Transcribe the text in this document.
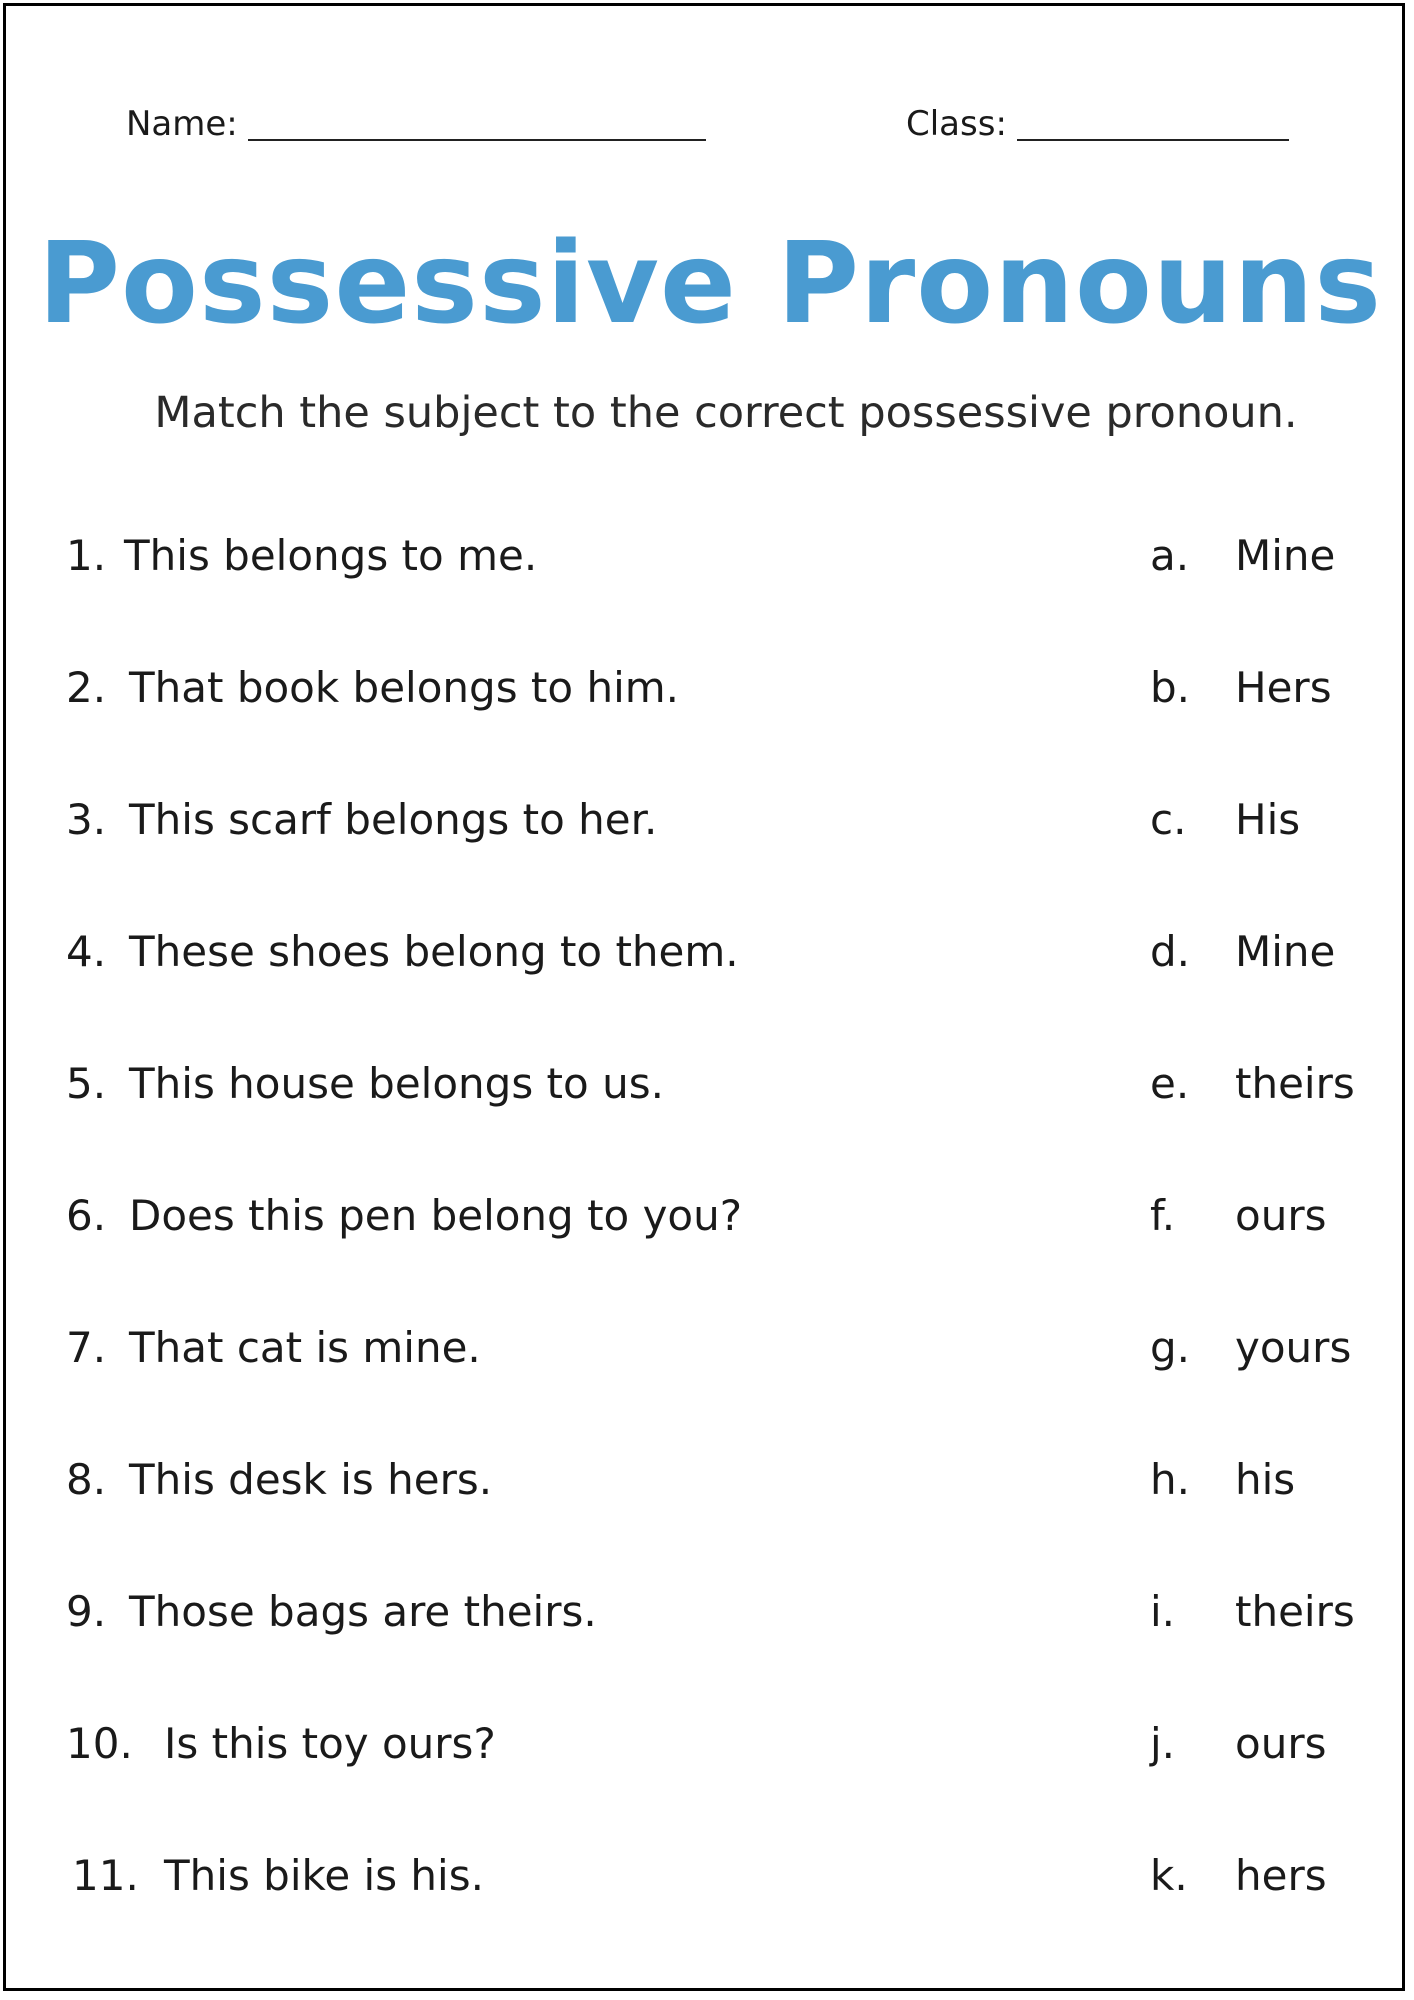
Name:	Class:
Possessive Pronouns
Match the subject to the correct possessive pronoun.
1. This belongs to me.	a. Mine
2. That book belongs to him.	b. Hers
3. This scarf belongs to her.	c. His
4. These shoes belong to them.	d. Mine
5. This house belongs to us.	e. theirs
6. Does this pen belong to you?	f. ours
7. That cat is mine.	g. yours
8. This desk is hers.	h. his
9. Those bags are theirs.	i. theirs
10. Is this toy ours?	j. ours
11. This bike is his.	k. hers
